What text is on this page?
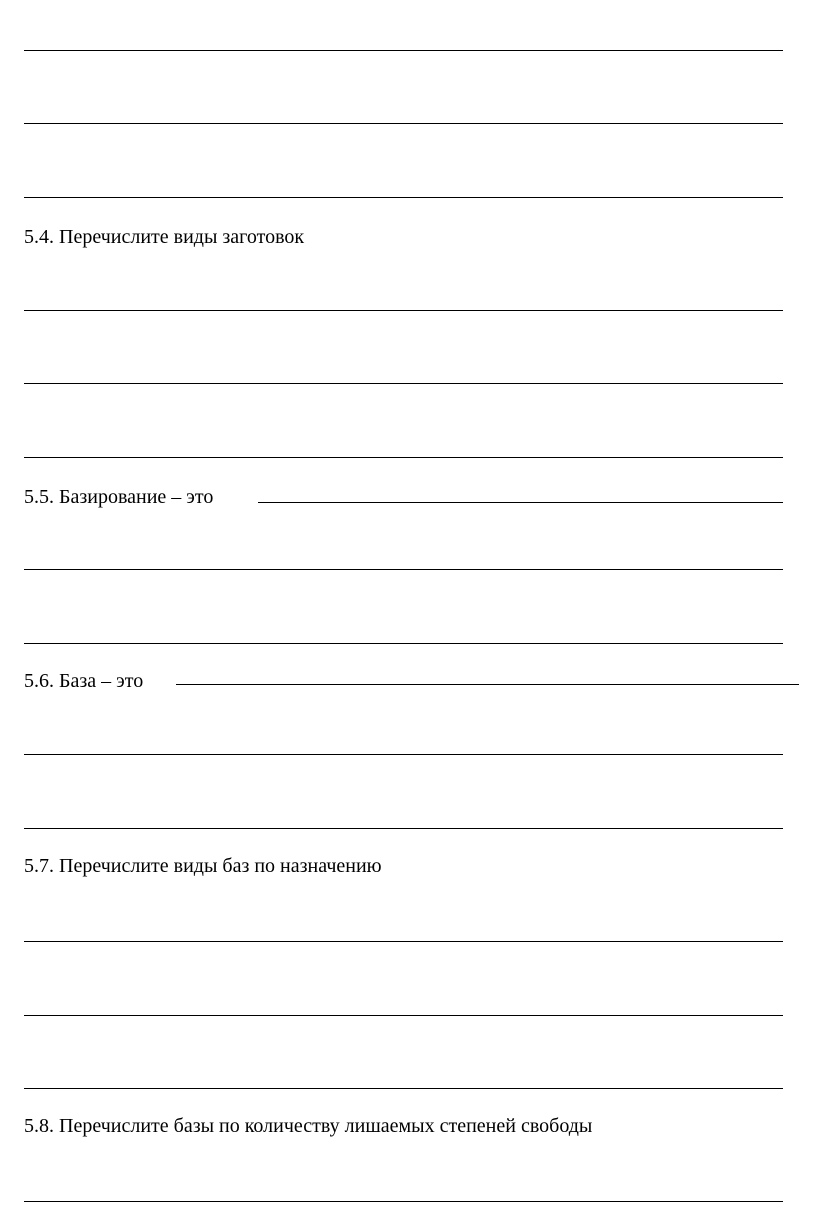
5.4. Перечислите виды заготовок
5.5. Базирование – это
5.6. База – это
5.7. Перечислите виды баз по назначению
5.8. Перечислите базы по количеству лишаемых степеней свободы
